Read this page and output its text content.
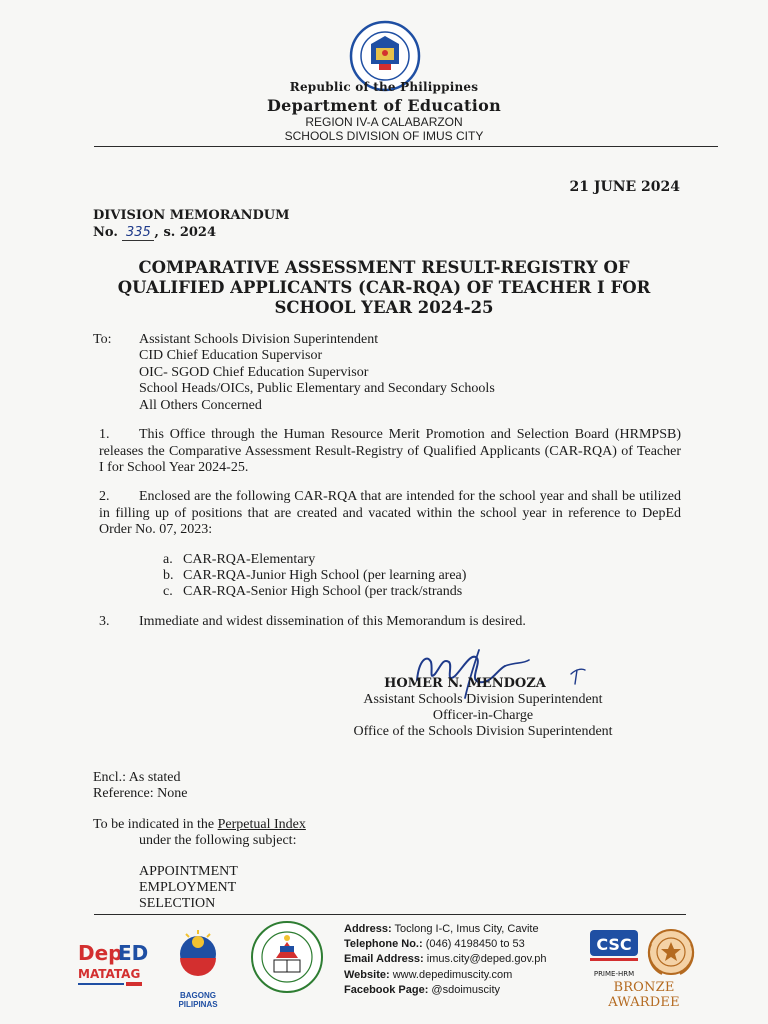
Republic of the Philippines
Department of Education
REGION IV-A CALABARZON
SCHOOLS DIVISION OF IMUS CITY
21 JUNE 2024
DIVISION MEMORANDUM
No. 335 , s. 2024
COMPARATIVE ASSESSMENT RESULT-REGISTRY OF
QUALIFIED APPLICANTS (CAR-RQA) OF TEACHER I FOR
SCHOOL YEAR 2024-25
To: Assistant Schools Division Superintendent
CID Chief Education Supervisor
OIC- SGOD Chief Education Supervisor
School Heads/OICs, Public Elementary and Secondary Schools
All Others Concerned
1. This Office through the Human Resource Merit Promotion and Selection Board (HRMPSB) releases the Comparative Assessment Result-Registry of Qualified Applicants (CAR-RQA) of Teacher I for School Year 2024-25.
2. Enclosed are the following CAR-RQA that are intended for the school year and shall be utilized in filling up of positions that are created and vacated within the school year in reference to DepEd Order No. 07, 2023:
a. CAR-RQA-Elementary
b. CAR-RQA-Junior High School (per learning area)
c. CAR-RQA-Senior High School (per track/strands
3. Immediate and widest dissemination of this Memorandum is desired.
HOMER N. MENDOZA
Assistant Schools Division Superintendent
Officer-in-Charge
Office of the Schools Division Superintendent
Encl.: As stated
Reference: None
To be indicated in the Perpetual Index
under the following subject:
APPOINTMENT
EMPLOYMENT
SELECTION
Dep
ED
MATATAG
BAGONG PILIPINAS
Address: Toclong I-C, Imus City, Cavite
Telephone No.: (046) 4198450 to 53
Email Address: imus.city@deped.gov.ph
Website: www.depedimuscity.com
Facebook Page: @sdoimuscity
CSC
PRIME-HRM
BRONZE AWARDEE
